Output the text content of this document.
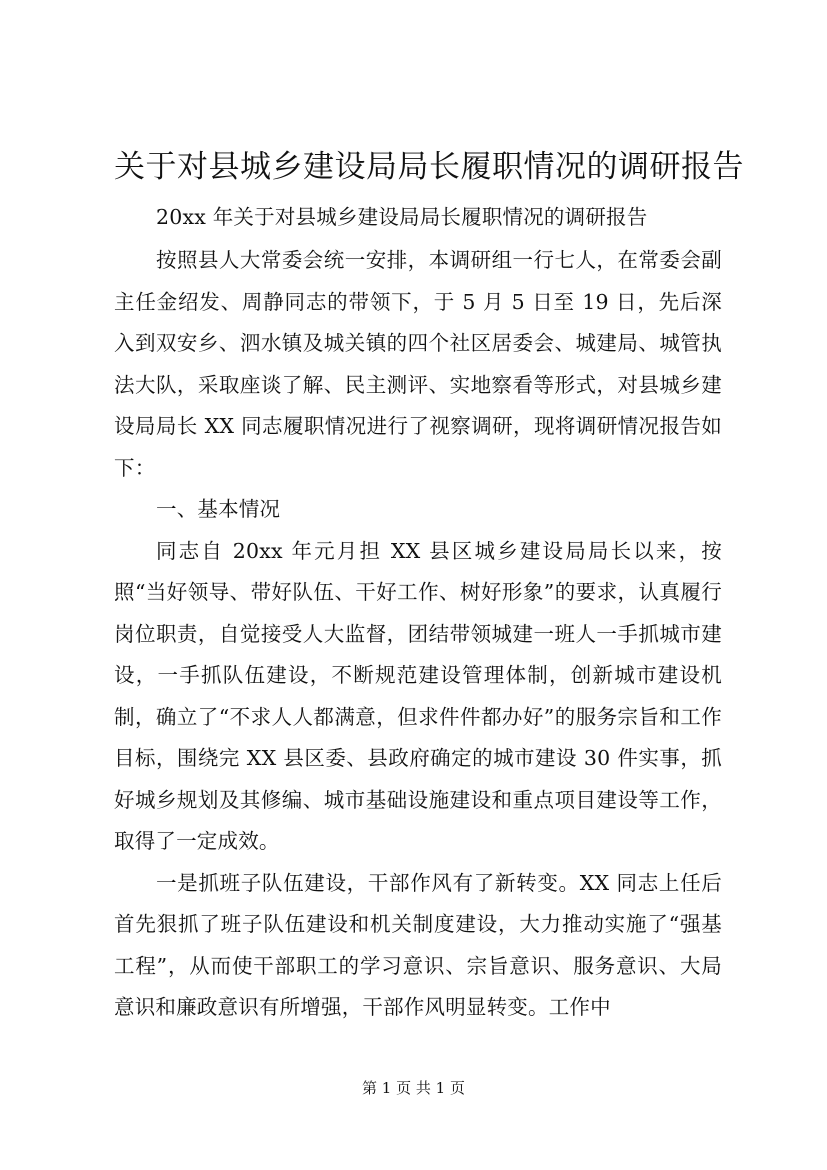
关于对县城乡建设局局长履职情况的调研报告

20xx 年关于对县城乡建设局局长履职情况的调研报告

按照县人大常委会统一安排，本调研组一行七人，在常委会副主任金绍发、周静同志的带领下，于 5 月 5 日至 19 日，先后深入到双安乡、泗水镇及城关镇的四个社区居委会、城建局、城管执法大队，采取座谈了解、民主测评、实地察看等形式，对县城乡建设局局长 XX 同志履职情况进行了视察调研，现将调研情况报告如下：

一、基本情况

同志自 20xx 年元月担 XX 县区城乡建设局局长以来，按照“当好领导、带好队伍、干好工作、树好形象”的要求，认真履行岗位职责，自觉接受人大监督，团结带领城建一班人一手抓城市建设，一手抓队伍建设，不断规范建设管理体制，创新城市建设机制，确立了“不求人人都满意，但求件件都办好”的服务宗旨和工作目标，围绕完 XX 县区委、县政府确定的城市建设 30 件实事，抓好城乡规划及其修编、城市基础设施建设和重点项目建设等工作，取得了一定成效。

一是抓班子队伍建设，干部作风有了新转变。XX 同志上任后首先狠抓了班子队伍建设和机关制度建设，大力推动实施了“强基工程”，从而使干部职工的学习意识、宗旨意识、服务意识、大局意识和廉政意识有所增强，干部作风明显转变。工作中

第 1 页 共 1 页
